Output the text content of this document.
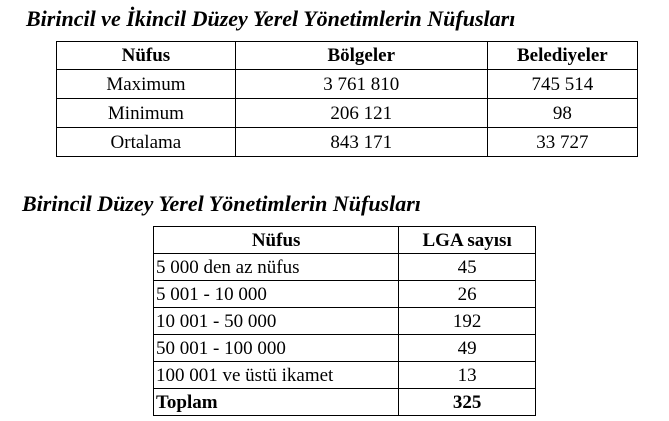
Birincil ve İkincil Düzey Yerel Yönetimlerin Nüfusları
Nüfus	Bölgeler	Belediyeler
Maximum	3 761 810	745 514
Minimum	206 121	98
Ortalama	843 171	33 727
Birincil Düzey Yerel Yönetimlerin Nüfusları
Nüfus	LGA sayısı
5 000 den az nüfus	45
5 001 - 10 000	26
10 001 - 50 000	192
50 001 - 100 000	49
100 001 ve üstü ikamet	13
Toplam	325
